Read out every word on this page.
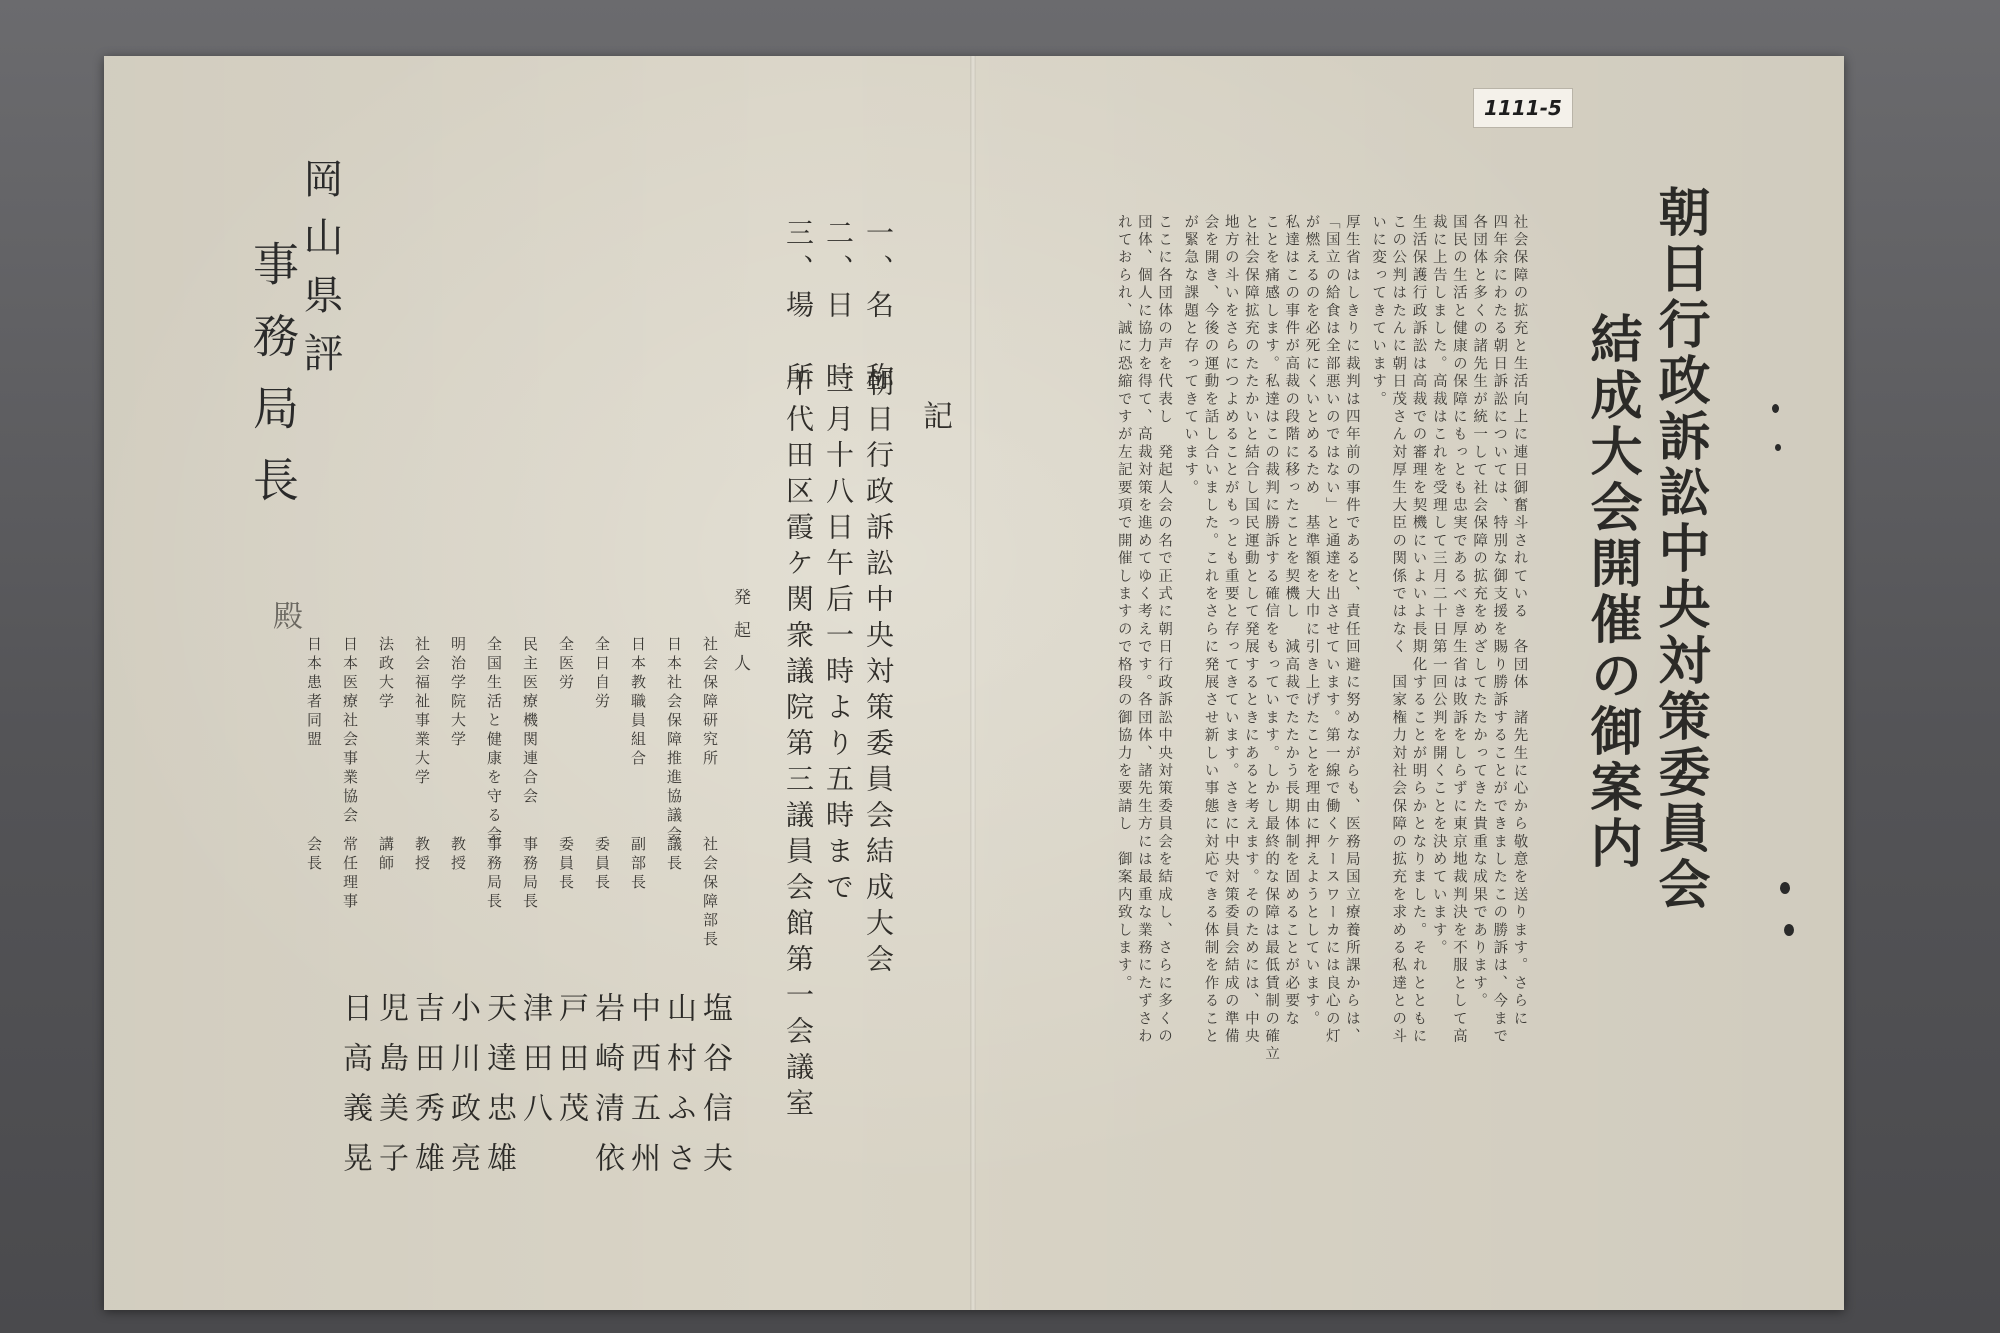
1111-5
朝日行政訴訟中央対策委員会
結成大会開催の御案内
社会保障の拡充と生活向上に連日御奮斗されている　各団体　諸先生に心から敬意を送ります。さらに
四年余にわたる朝日訴訟については、特別な御支援を賜り勝訴することができましたこの勝訴は、今まで
各団体と多くの諸先生が統一して社会保障の拡充をめざしてたたかってきた貴重な成果であります。
国民の生活と健康の保障にもっとも忠実であるべき厚生省は敗訴をしらずに東京地裁判決を不服として高
裁に上告しました。高裁はこれを受理して三月二十日第一回公判を開くことを決めています。
生活保護行政訴訟は高裁での審理を契機にいよいよ長期化することが明らかとなりました。それとともに
この公判はたんに朝日茂さん対厚生大臣の関係ではなく　国家権力対社会保障の拡充を求める私達との斗
いに変ってきています。
厚生省はしきりに裁判は四年前の事件であると、責任回避に努めながらも、医務局国立療養所課からは、
「国立の給食は全部悪いのではない」と通達を出させています。第一線で働くケースワーカには良心の灯
が燃えるのを必死にくいとめるため　基準額を大巾に引き上げたことを理由に押えようとしています。
私達はこの事件が高裁の段階に移ったことを契機し　減高裁でたたかう長期体制を固めることが必要な
ことを痛感します。私達はこの裁判に勝訴する確信をもっています。しかし最終的な保障は最低賃制の確立
と社会保障拡充のたたかいと結合し国民運動として発展するときにあると考えます。そのためには、中央
地方の斗いをさらにつよめることがもっとも重要と存ってきています。さきに中央対策委員会結成の準備
会を開き、今後の運動を話し合いました。これをさらに発展させ新しい事態に対応できる体制を作ること
が緊急な課題と存ってきています。
ここに各団体の声を代表し　発起人会の名で正式に朝日行政訴訟中央対策委員会を結成し、さらに多くの
団体、個人に協力を得て、高裁対策を進めてゆく考えです。各団体、諸先生方には最重な業務にたずさわ
れておられ、誠に恐縮ですが左記要項で開催しますので格段の御協力を要請し　御案内致します。
記
一、名　称
朝日行政訴訟中央対策委員会結成大会
二、日　時
二月十八日午后一時より五時まで
三、場　所
千代田区霞ケ関衆議院第三議員会館第一会議室
発起人
社会保障研究所
社会保障部長
塩谷信夫
日本社会保障推進協議会
議長
山村ふさ
日本教職員組合
副部長
中西五州
全日自労
委員長
岩崎清依
全医労
委員長
戸田茂
民主医療機関連合会
事務局長
津田八
全国生活と健康を守る会
事務局長
天達忠雄
明治学院大学
教授
小川政亮
社会福祉事業大学
教授
吉田秀雄
法政大学
講師
児島美子
日本医療社会事業協会
常任理事
日高義晃
日本患者同盟
会長
岡山県評
事務局長
殿
